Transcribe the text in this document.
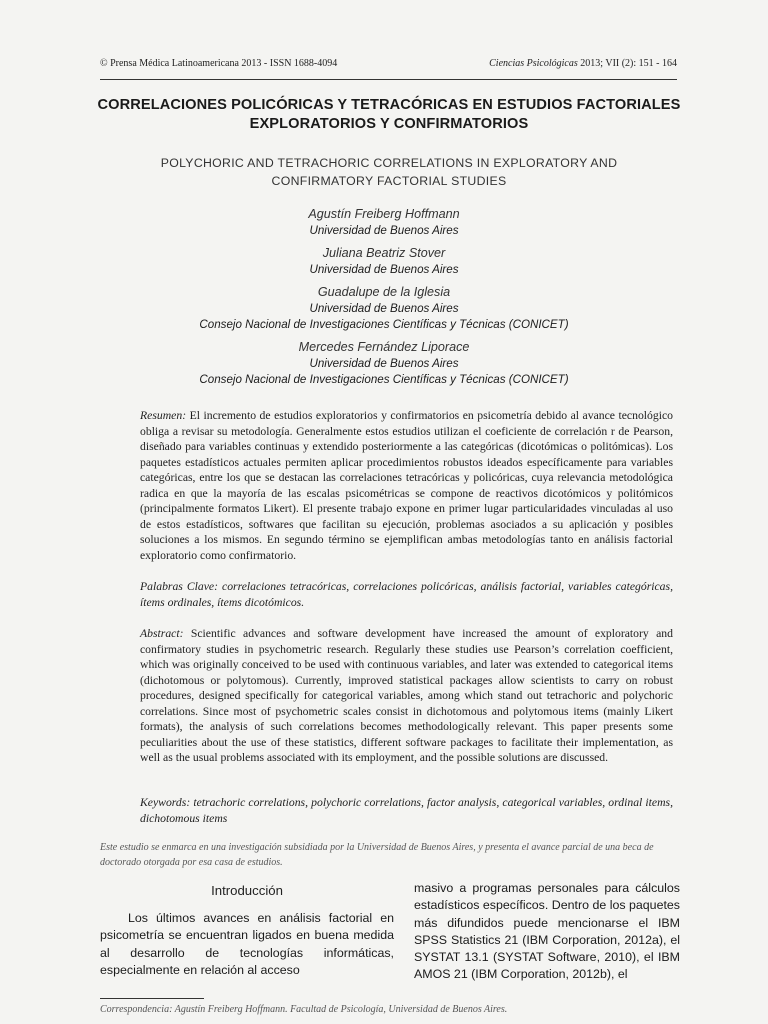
© Prensa Médica Latinoamericana 2013 - ISSN 1688-4094	Ciencias Psicológicas 2013; VII (2): 151 - 164
CORRELACIONES POLICÓRICAS Y TETRACÓRICAS EN ESTUDIOS FACTORIALES EXPLORATORIOS Y CONFIRMATORIOS
POLYCHORIC AND TETRACHORIC CORRELATIONS IN EXPLORATORY AND CONFIRMATORY FACTORIAL STUDIES
Agustín Freiberg Hoffmann
Universidad de Buenos Aires
Juliana Beatriz Stover
Universidad de Buenos Aires
Guadalupe de la Iglesia
Universidad de Buenos Aires
Consejo Nacional de Investigaciones Científicas y Técnicas (CONICET)
Mercedes Fernández Liporace
Universidad de Buenos Aires
Consejo Nacional de Investigaciones Científicas y Técnicas (CONICET)
Resumen: El incremento de estudios exploratorios y confirmatorios en psicometría debido al avance tecnológico obliga a revisar su metodología. Generalmente estos estudios utilizan el coeficiente de correlación r de Pearson, diseñado para variables continuas y extendido posteriormente a las categóricas (dicotómicas o politómicas). Los paquetes estadísticos actuales permiten aplicar procedimientos robustos ideados específicamente para variables categóricas, entre los que se destacan las correlaciones tetracóricas y policóricas, cuya relevancia metodológica radica en que la mayoría de las escalas psicométricas se compone de reactivos dicotómicos y politómicos (principalmente formatos Likert). El presente trabajo expone en primer lugar particularidades vinculadas al uso de estos estadísticos, softwares que facilitan su ejecución, problemas asociados a su aplicación y posibles soluciones a los mismos. En segundo término se ejemplifican ambas metodologías tanto en análisis factorial exploratorio como confirmatorio.
Palabras Clave: correlaciones tetracóricas, correlaciones policóricas, análisis factorial, variables categóricas, ítems ordinales, ítems dicotómicos.
Abstract: Scientific advances and software development have increased the amount of exploratory and confirmatory studies in psychometric research. Regularly these studies use Pearson’s correlation coefficient, which was originally conceived to be used with continuous variables, and later was extended to categorical items (dichotomous or polytomous). Currently, improved statistical packages allow scientists to carry on robust procedures, designed specifically for categorical variables, among which stand out tetrachoric and polychoric correlations. Since most of psychometric scales consist in dichotomous and polytomous items (mainly Likert formats), the analysis of such correlations becomes methodologically relevant. This paper presents some peculiarities about the use of these statistics, different software packages to facilitate their implementation, as well as the usual problems associated with its employment, and the possible solutions are discussed.
Keywords: tetrachoric correlations, polychoric correlations, factor analysis, categorical variables, ordinal items, dichotomous items
Este estudio se enmarca en una investigación subsidiada por la Universidad de Buenos Aires, y presenta el avance parcial de una beca de doctorado otorgada por esa casa de estudios.
Introducción

Los últimos avances en análisis factorial en psicometría se encuentran ligados en buena medida al desarrollo de tecnologías informáticas, especialmente en relación al acceso

masivo a programas personales para cálculos estadísticos específicos. Dentro de los paquetes más difundidos puede mencionarse el IBM SPSS Statistics 21 (IBM Corporation, 2012a), el SYSTAT 13.1 (SYSTAT Software, 2010), el IBM AMOS 21 (IBM Corporation, 2012b), el

Correspondencia: Agustín Freiberg Hoffmann. Facultad de Psicología, Universidad de Buenos Aires.
